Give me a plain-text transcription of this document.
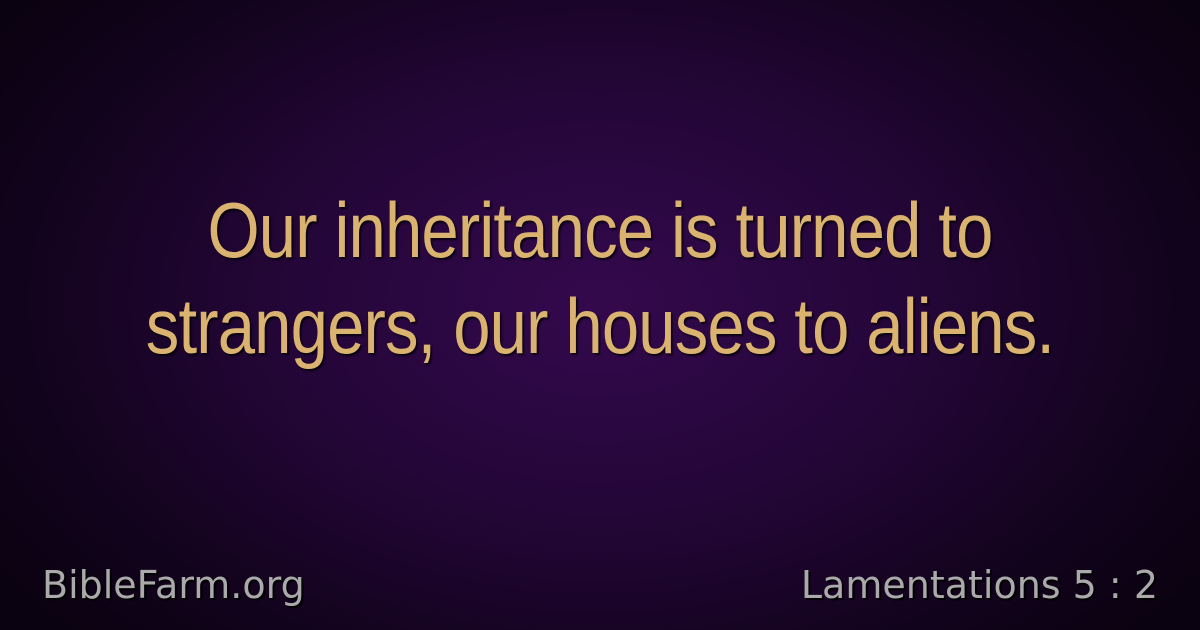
Our inheritance is turned to
strangers, our houses to aliens.
BibleFarm.org	Lamentations 5 : 2
